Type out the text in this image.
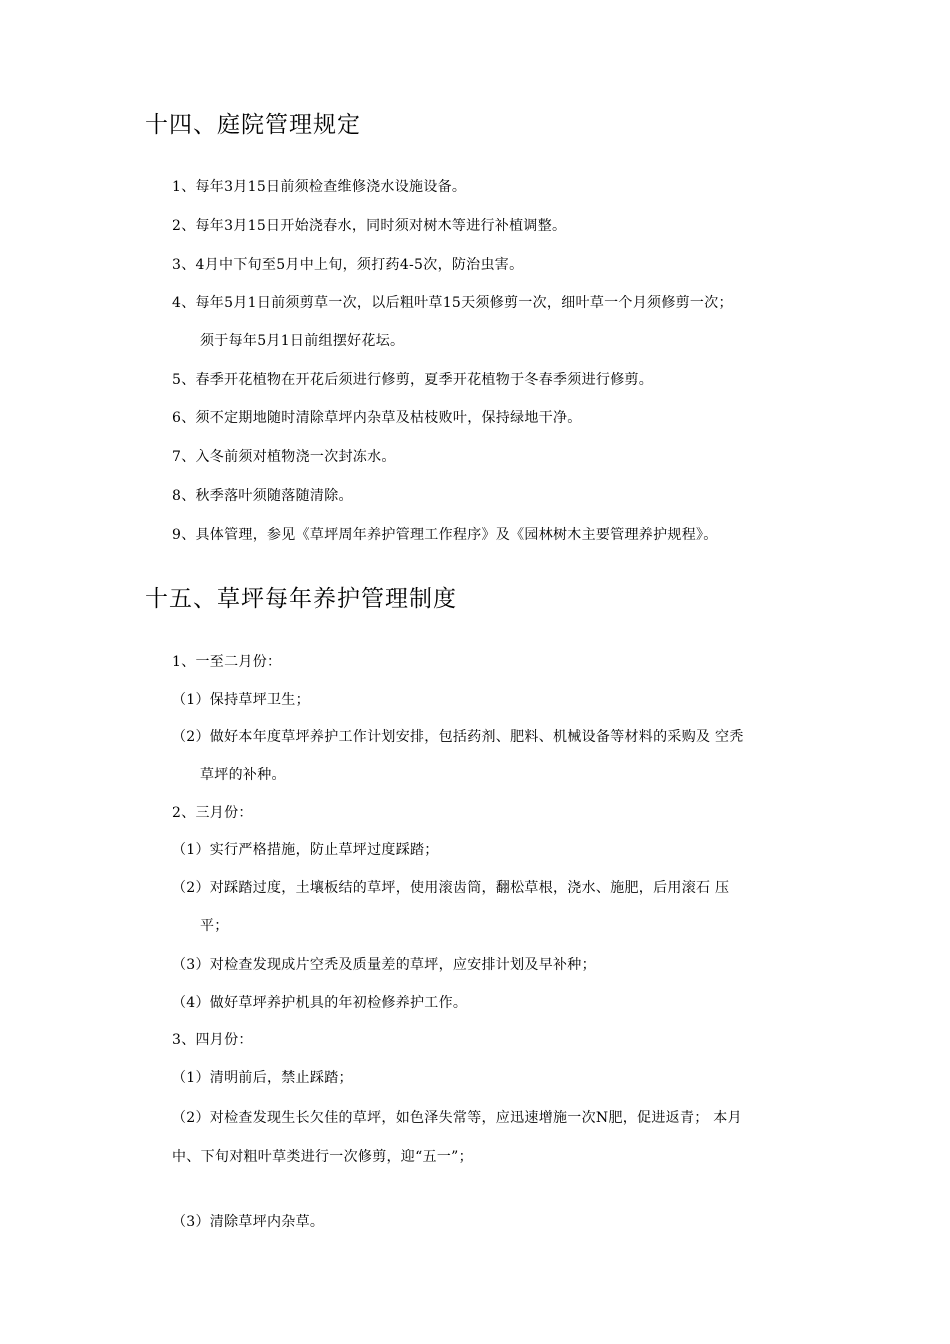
十四、庭院管理规定
1、每年3月15日前须检查维修浇水设施设备。
2、每年3月15日开始浇春水，同时须对树木等进行补植调整。
3、4月中下旬至5月中上旬，须打药4-5次，防治虫害。
4、每年5月1日前须剪草一次，以后粗叶草15天须修剪一次，细叶草一个月须修剪一次；
须于每年5月1日前组摆好花坛。
5、春季开花植物在开花后须进行修剪，夏季开花植物于冬春季须进行修剪。
6、须不定期地随时清除草坪内杂草及枯枝败叶，保持绿地干净。
7、入冬前须对植物浇一次封冻水。
8、秋季落叶须随落随清除。
9、具体管理，参见《草坪周年养护管理工作程序》及《园林树木主要管理养护规程》。
十五、草坪每年养护管理制度
1、一至二月份：
（1）保持草坪卫生；
（2）做好本年度草坪养护工作计划安排，包括药剂、肥料、机械设备等材料的采购及 空秃
草坪的补种。
2、三月份：
（1）实行严格措施，防止草坪过度踩踏；
（2）对踩踏过度，土壤板结的草坪，使用滚齿筒，翻松草根，浇水、施肥，后用滚石 压
平；
（3）对检查发现成片空秃及质量差的草坪，应安排计划及早补种；
（4）做好草坪养护机具的年初检修养护工作。
3、四月份：
（1）清明前后，禁止踩踏；
（2）对检查发现生长欠佳的草坪，如色泽失常等，应迅速增施一次N肥，促进返青； 本月
中、下旬对粗叶草类进行一次修剪，迎“五一”；
（3）清除草坪内杂草。
